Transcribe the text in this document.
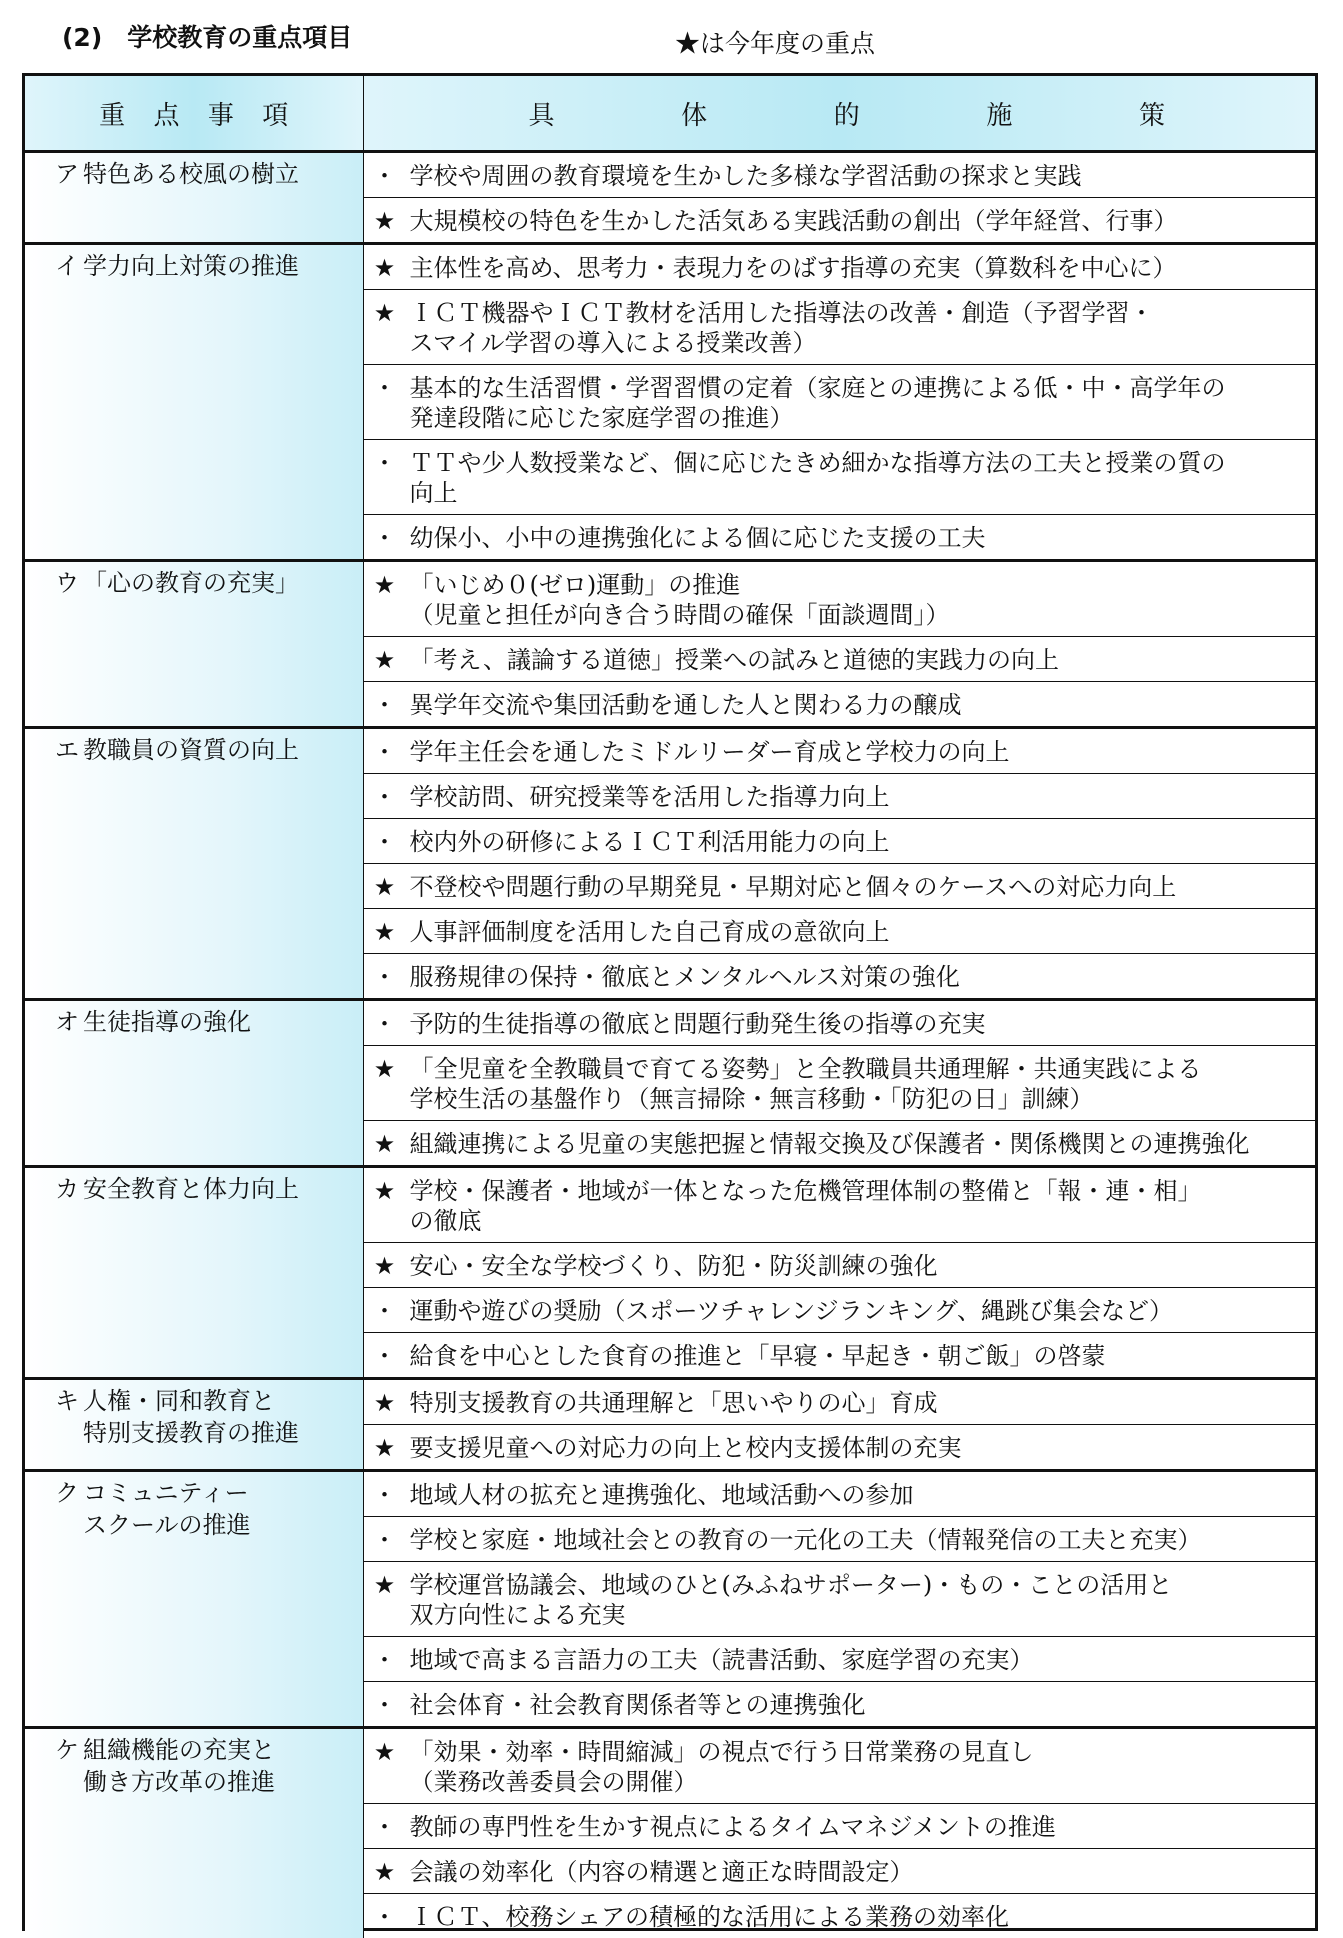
(2)　学校教育の重点項目	★は今年度の重点
重 点 事 項	具 体 的 施 策

ア 特色ある校風の樹立	・ 学校や周囲の教育環境を生かした多様な学習活動の探求と実践

	★ 大規模校の特色を生かした活気ある実践活動の創出（学年経営、行事）

イ 学力向上対策の推進	★ 主体性を高め、思考力・表現力をのばす指導の充実（算数科を中心に）

	★ ＩＣＴ機器やＩＣＴ教材を活用した指導法の改善・創造（予習学習・
スマイル学習の導入による授業改善）

	・ 基本的な生活習慣・学習習慣の定着（家庭との連携による低・中・高学年の
発達段階に応じた家庭学習の推進）

	・ ＴＴや少人数授業など、個に応じたきめ細かな指導方法の工夫と授業の質の
向上

	・ 幼保小、小中の連携強化による個に応じた支援の工夫

ウ 「心の教育の充実」	★ 「いじめ０(ゼロ)運動」の推進
（児童と担任が向き合う時間の確保「面談週間」）

	★ 「考え、議論する道徳」授業への試みと道徳的実践力の向上

	・ 異学年交流や集団活動を通した人と関わる力の醸成

エ 教職員の資質の向上	・ 学年主任会を通したミドルリーダー育成と学校力の向上

	・ 学校訪問、研究授業等を活用した指導力向上

	・ 校内外の研修によるＩＣＴ利活用能力の向上

	★ 不登校や問題行動の早期発見・早期対応と個々のケースへの対応力向上

	★ 人事評価制度を活用した自己育成の意欲向上

	・ 服務規律の保持・徹底とメンタルヘルス対策の強化

オ 生徒指導の強化	・ 予防的生徒指導の徹底と問題行動発生後の指導の充実

	★ 「全児童を全教職員で育てる姿勢」と全教職員共通理解・共通実践による
学校生活の基盤作り（無言掃除・無言移動・「防犯の日」訓練）

	★ 組織連携による児童の実態把握と情報交換及び保護者・関係機関との連携強化

カ 安全教育と体力向上	★ 学校・保護者・地域が一体となった危機管理体制の整備と「報・連・相」
の徹底

	★ 安心・安全な学校づくり、防犯・防災訓練の強化

	・ 運動や遊びの奨励（スポーツチャレンジランキング、縄跳び集会など）

	・ 給食を中心とした食育の推進と「早寝・早起き・朝ご飯」の啓蒙

キ 人権・同和教育と
特別支援教育の推進	★ 特別支援教育の共通理解と「思いやりの心」育成

	★ 要支援児童への対応力の向上と校内支援体制の充実

ク コミュニティー
スクールの推進	・ 地域人材の拡充と連携強化、地域活動への参加

	・ 学校と家庭・地域社会との教育の一元化の工夫（情報発信の工夫と充実）

	★ 学校運営協議会、地域のひと(みふねサポーター)・もの・ことの活用と
双方向性による充実

	・ 地域で高まる言語力の工夫（読書活動、家庭学習の充実）

	・ 社会体育・社会教育関係者等との連携強化

ケ 組織機能の充実と
働き方改革の推進	★ 「効果・効率・時間縮減」の視点で行う日常業務の見直し
（業務改善委員会の開催）

	・ 教師の専門性を生かす視点によるタイムマネジメントの推進

	★ 会議の効率化（内容の精選と適正な時間設定）

	・ ＩＣＴ、校務シェアの積極的な活用による業務の効率化
